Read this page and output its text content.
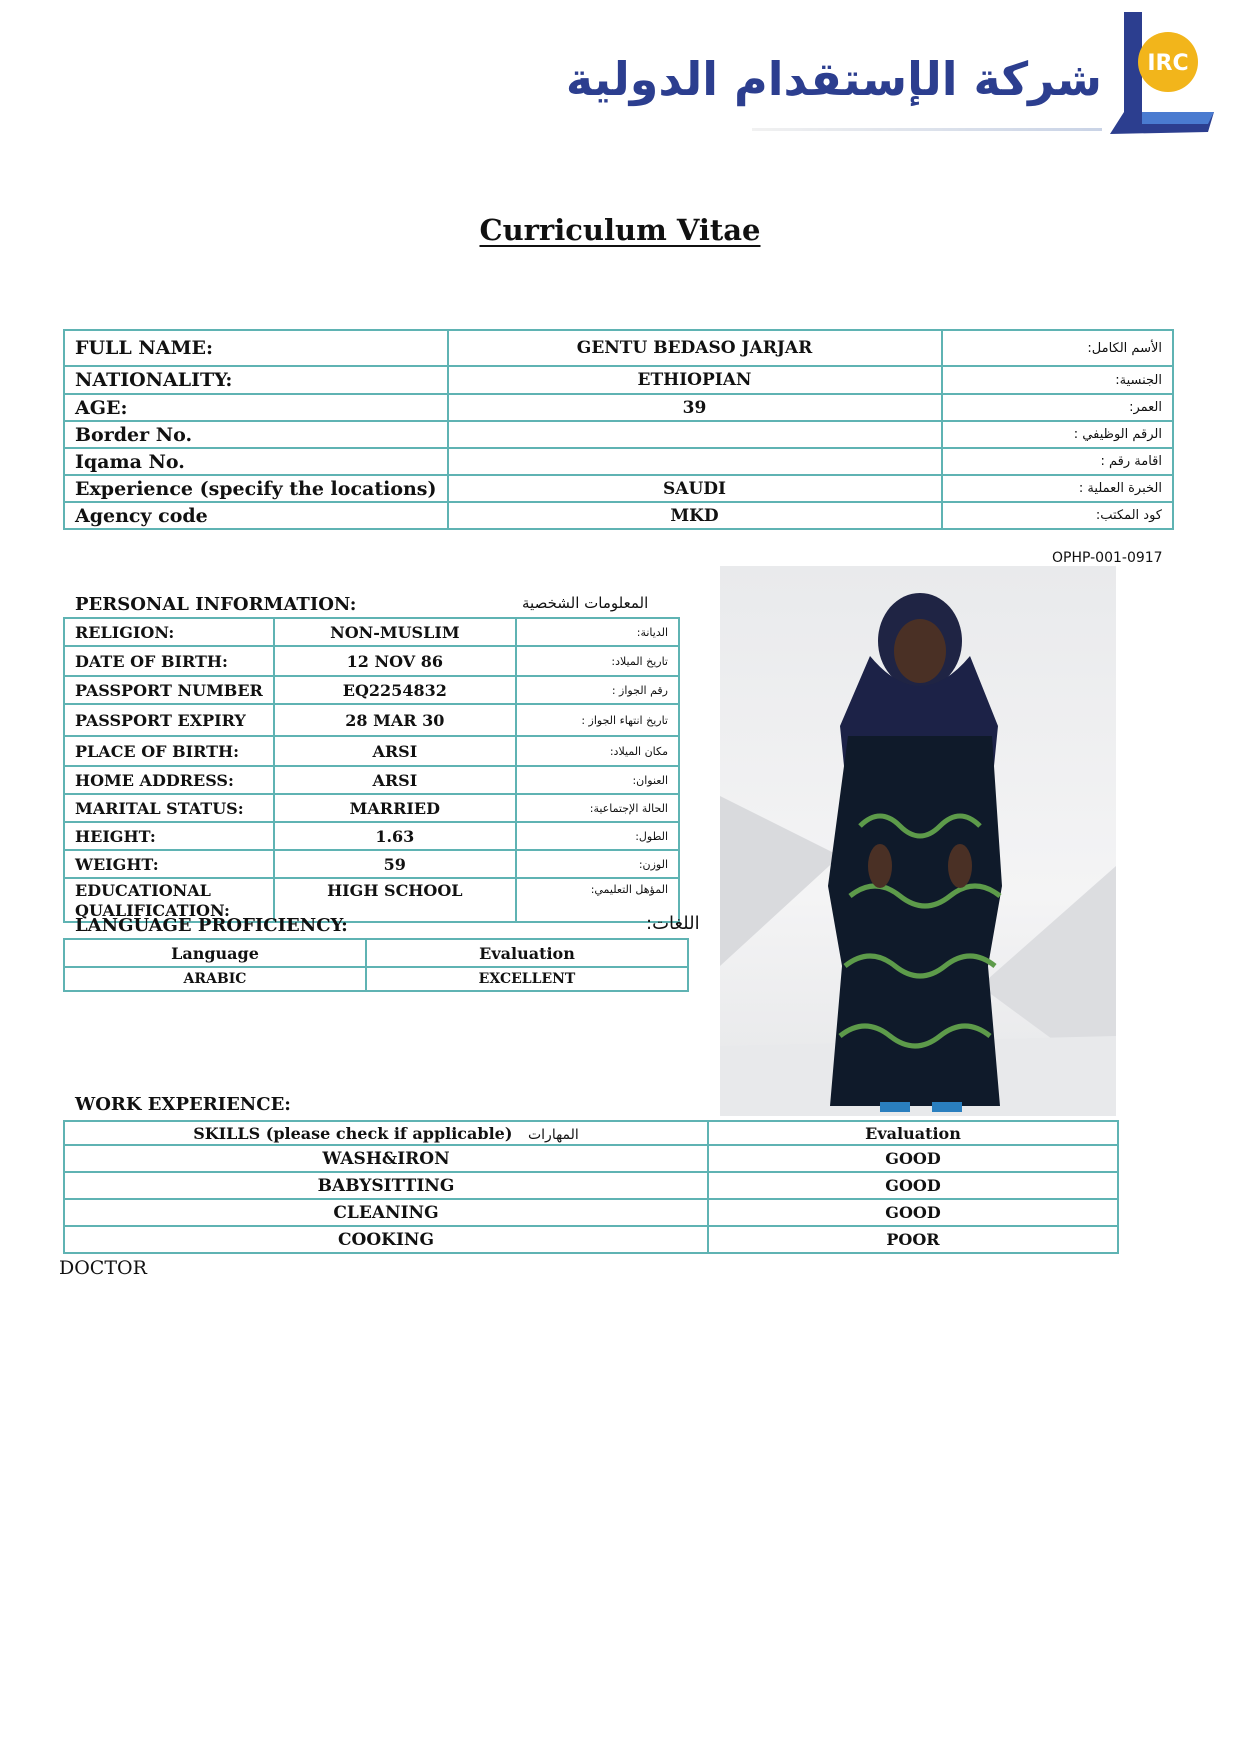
شركة الإستقدام الدولية IRC
Curriculum Vitae
FULL NAME:	GENTU BEDASO JARJAR	الأسم الكامل:
NATIONALITY:	ETHIOPIAN	الجنسية:
AGE:	39	العمر:
Border No.		الرقم الوظيفي :
Iqama No.		اقامة رقم :
Experience (specify the locations)	SAUDI	الخبرة العملية :
Agency code	MKD	كود المكتب:
OPHP-001-0917
PERSONAL INFORMATION:	المعلومات الشخصية
RELIGION:	NON-MUSLIM	الديانة:
DATE OF BIRTH:	12 NOV 86	تاريخ الميلاد:
PASSPORT NUMBER	EQ2254832	رقم الجواز :
PASSPORT EXPIRY	28 MAR 30	تاريخ انتهاء الجواز :
PLACE OF BIRTH:	ARSI	مكان الميلاد:
HOME ADDRESS:	ARSI	العنوان:
MARITAL STATUS:	MARRIED	الحالة الإجتماعية:
HEIGHT:	1.63	الطول:
WEIGHT:	59	الوزن:
EDUCATIONAL QUALIFICATION:	HIGH SCHOOL	المؤهل التعليمي:
LANGUAGE PROFICIENCY:	اللغات:
Language	Evaluation
ARABIC	EXCELLENT
WORK EXPERIENCE:
SKILLS (please check if applicable) المهارات	Evaluation
WASH&IRON	GOOD
BABYSITTING	GOOD
CLEANING	GOOD
COOKING	POOR
DOCTOR
